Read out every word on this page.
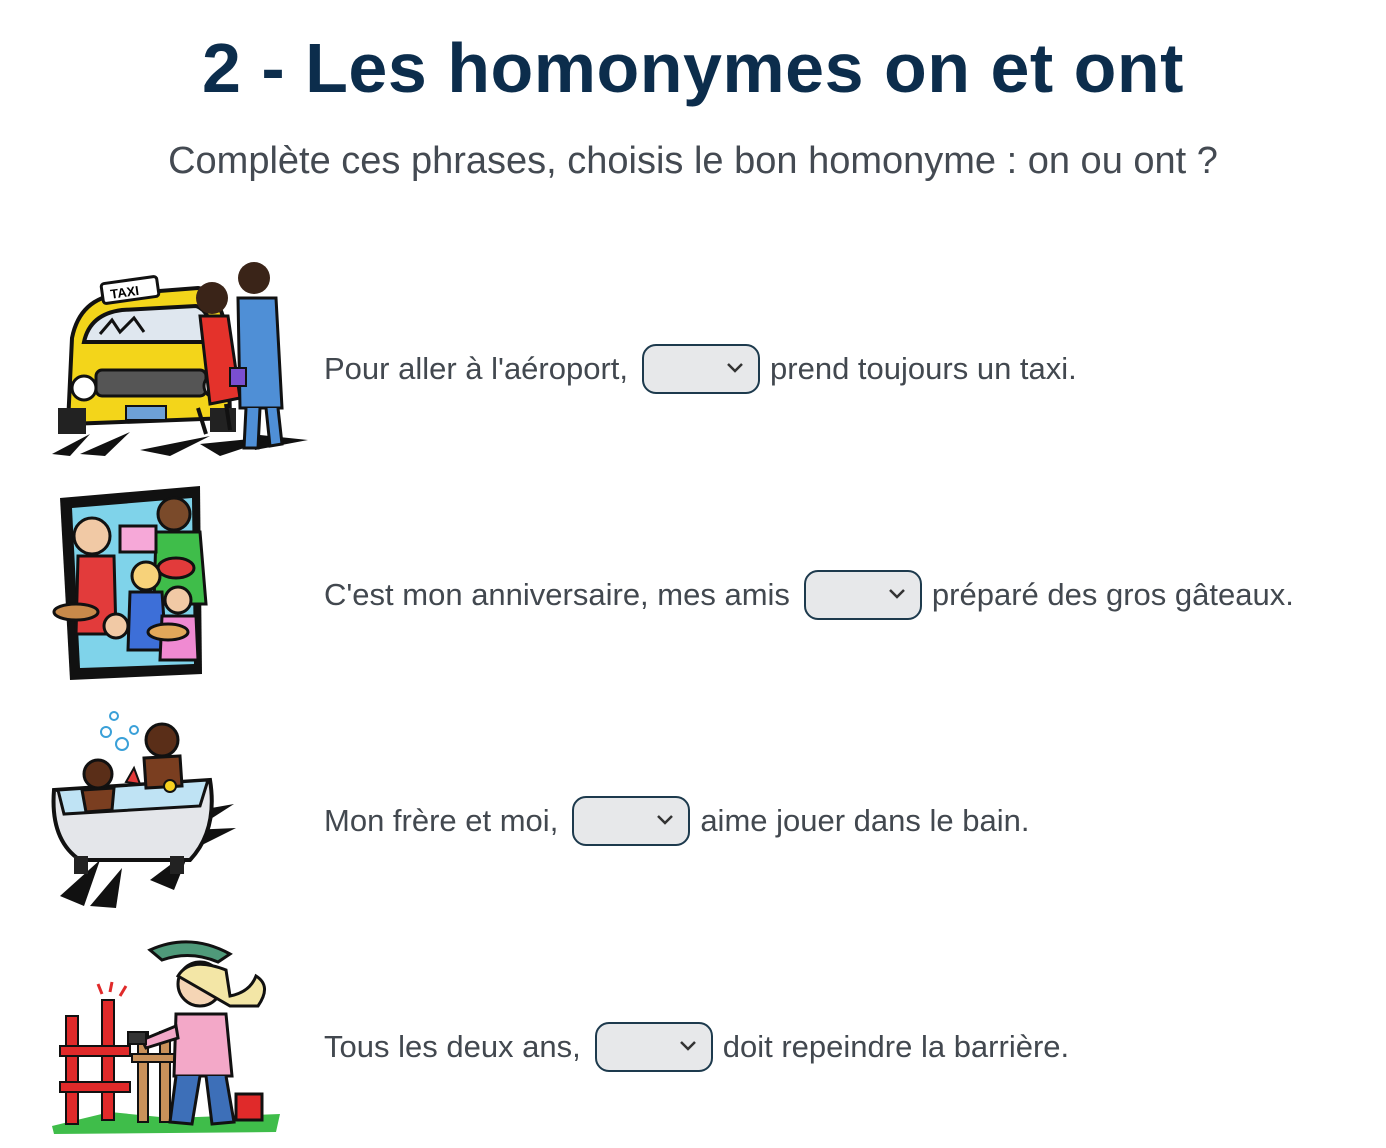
2 - Les homonymes on et ont

Complète ces phrases, choisis le bon homonyme : on ou ont ?

TAXI
Pour aller à l'aéroport,	prend toujours un taxi.
C'est mon anniversaire, mes amis	préparé des gros gâteaux.
Mon frère et moi,	aime jouer dans le bain.
Tous les deux ans,	doit repeindre la barrière.
